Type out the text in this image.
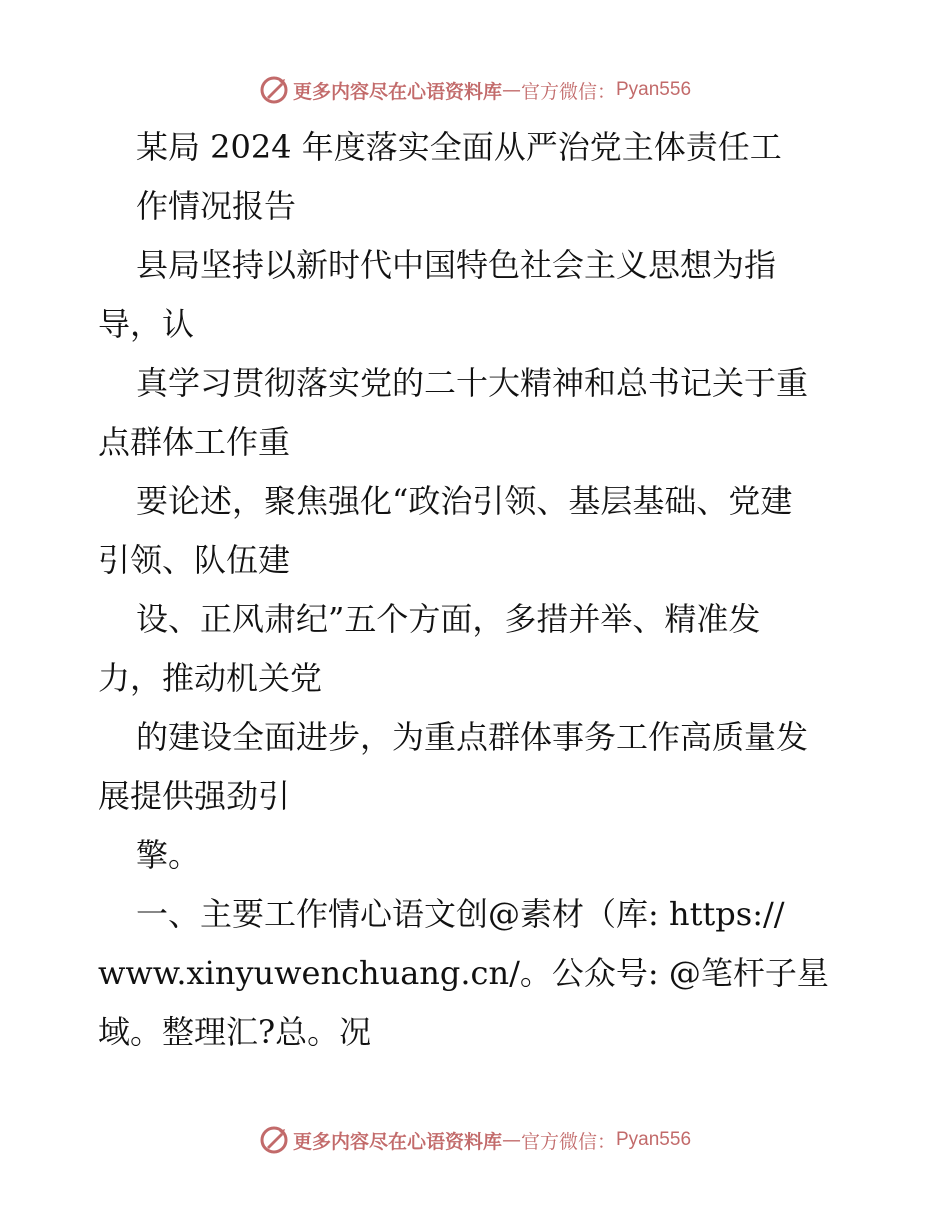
更多内容尽在心语资料库 — 官方微信： Pyan556
某局 2024 年度落实全面从严治党主体责任工
作情况报告
县局坚持以新时代中国特色社会主义思想为指
导，认
真学习贯彻落实党的二十大精神和总书记关于重
点群体工作重
要论述，聚焦强化“政治引领、基层基础、党建
引领、队伍建
设、正风肃纪”五个方面，多措并举、精准发
力，推动机关党
的建设全面进步，为重点群体事务工作高质量发
展提供强劲引
擎。
一、主要工作情心语文创@素材（库: https://
www.xinyuwenchuang.cn/。公众号: @笔杆子星
域。整理汇?总。况
更多内容尽在心语资料库 — 官方微信： Pyan556
